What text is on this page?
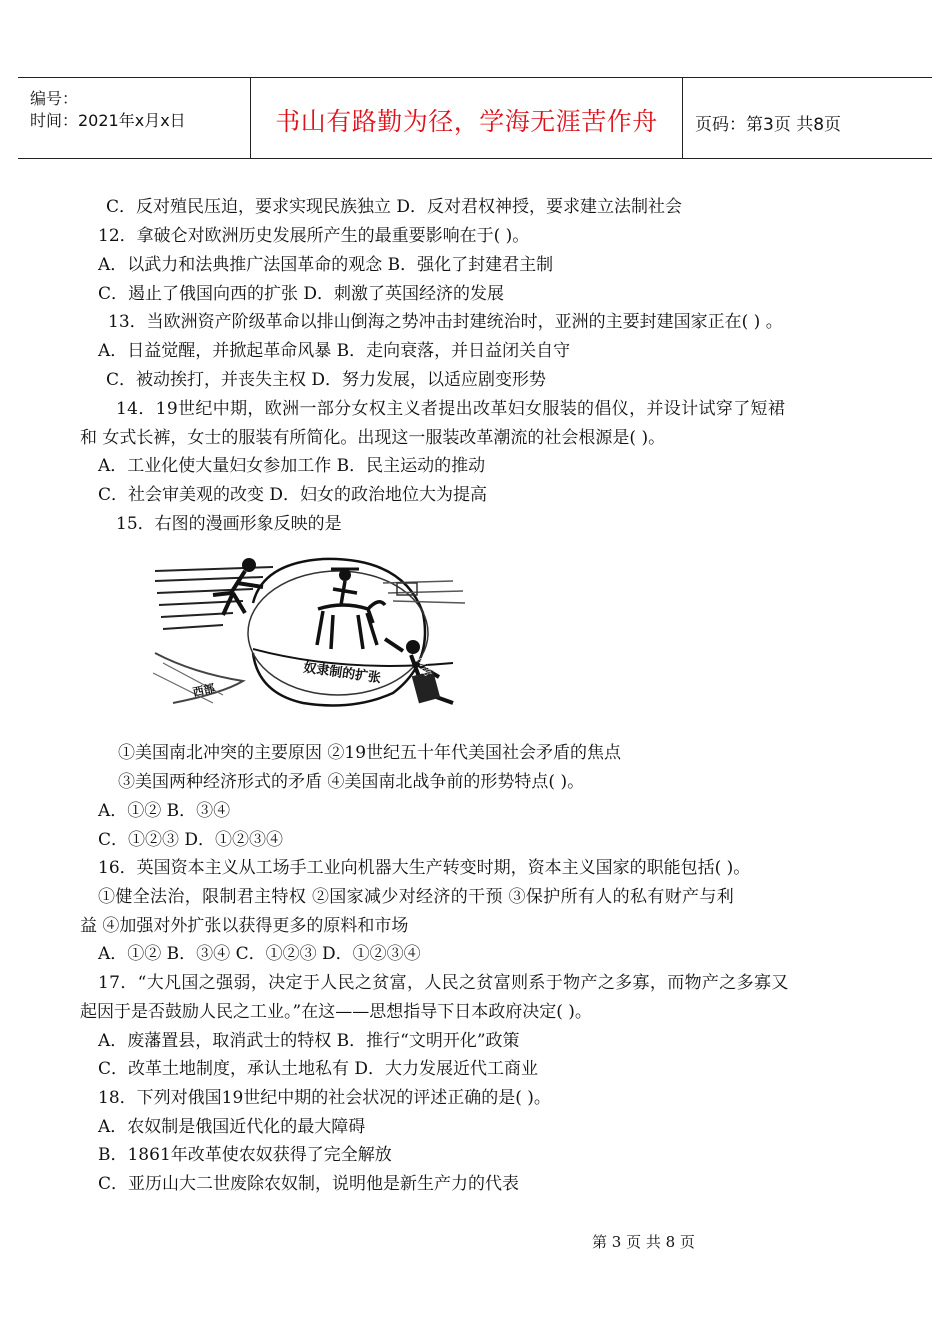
编号：
时间：2021年x月x日	书山有路勤为径，学海无涯苦作舟	页码：第3页 共8页
C．反对殖民压迫，要求实现民族独立 D．反对君权神授，要求建立法制社会
12．拿破仑对欧洲历史发展所产生的最重要影响在于( )。
A．以武力和法典推广法国革命的观念 B．强化了封建君主制
C．遏止了俄国向西的扩张 D．刺激了英国经济的发展
13．当欧洲资产阶级革命以排山倒海之势冲击封建统治时，亚洲的主要封建国家正在( ) 。
A．日益觉醒，并掀起革命风暴 B．走向衰落，并日益闭关自守
C．被动挨打，并丧失主权 D．努力发展，以适应剧变形势
14．19世纪中期，欧洲一部分女权主义者提出改革妇女服装的倡仪，并设计试穿了短裙
和 女式长裤，女士的服装有所简化。出现这一服装改革潮流的社会根源是( )。
A．工业化使大量妇女参加工作 B．民主运动的推动
C．社会审美观的改变 D．妇女的政治地位大为提高
15．右图的漫画形象反映的是
奴隶制的扩张
西部
南部
①美国南北冲突的主要原因 ②19世纪五十年代美国社会矛盾的焦点
③美国两种经济形式的矛盾 ④美国南北战争前的形势特点( )。
A．①② B．③④
C．①②③ D．①②③④
16．英国资本主义从工场手工业向机器大生产转变时期，资本主义国家的职能包括( )。
①健全法治，限制君主特权 ②国家减少对经济的干预 ③保护所有人的私有财产与利
益 ④加强对外扩张以获得更多的原料和市场
A．①② B．③④ C．①②③ D．①②③④
17．“大凡国之强弱，决定于人民之贫富，人民之贫富则系于物产之多寡，而物产之多寡又
起因于是否鼓励人民之工业。”在这——思想指导下日本政府决定( )。
A．废藩置县，取消武士的特权 B．推行“文明开化”政策
C．改革土地制度，承认土地私有 D．大力发展近代工商业
18．下列对俄国19世纪中期的社会状况的评述正确的是( )。
A．农奴制是俄国近代化的最大障碍
B．1861年改革使农奴获得了完全解放
C．亚历山大二世废除农奴制，说明他是新生产力的代表
第 3 页 共 8 页
